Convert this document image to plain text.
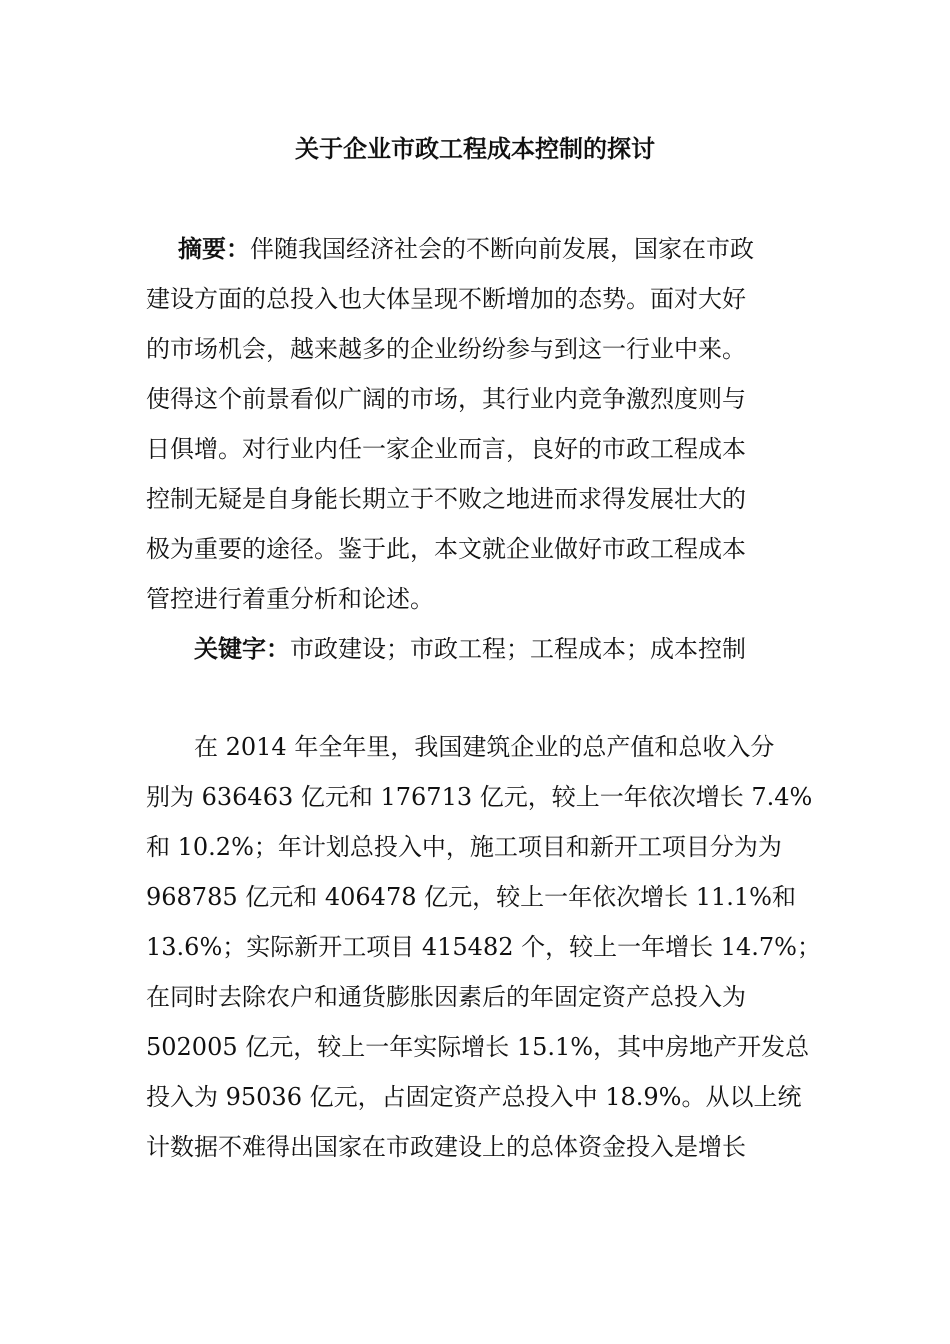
关于企业市政工程成本控制的探讨
摘要：伴随我国经济社会的不断向前发展，国家在市政
建设方面的总投入也大体呈现不断增加的态势。面对大好
的市场机会，越来越多的企业纷纷参与到这一行业中来。
使得这个前景看似广阔的市场，其行业内竞争激烈度则与
日俱增。对行业内任一家企业而言，良好的市政工程成本
控制无疑是自身能长期立于不败之地进而求得发展壮大的
极为重要的途径。鉴于此，本文就企业做好市政工程成本
管控进行着重分析和论述。
关键字：市政建设；市政工程；工程成本；成本控制
在 2014 年全年里，我国建筑企业的总产值和总收入分
别为 636463 亿元和 176713 亿元，较上一年依次增长 7.4%
和 10.2%；年计划总投入中，施工项目和新开工项目分为为
968785 亿元和 406478 亿元，较上一年依次增长 11.1%和
13.6%；实际新开工项目 415482 个，较上一年增长 14.7%；
在同时去除农户和通货膨胀因素后的年固定资产总投入为
502005 亿元，较上一年实际增长 15.1%，其中房地产开发总
投入为 95036 亿元，占固定资产总投入中 18.9%。从以上统
计数据不难得出国家在市政建设上的总体资金投入是增长
